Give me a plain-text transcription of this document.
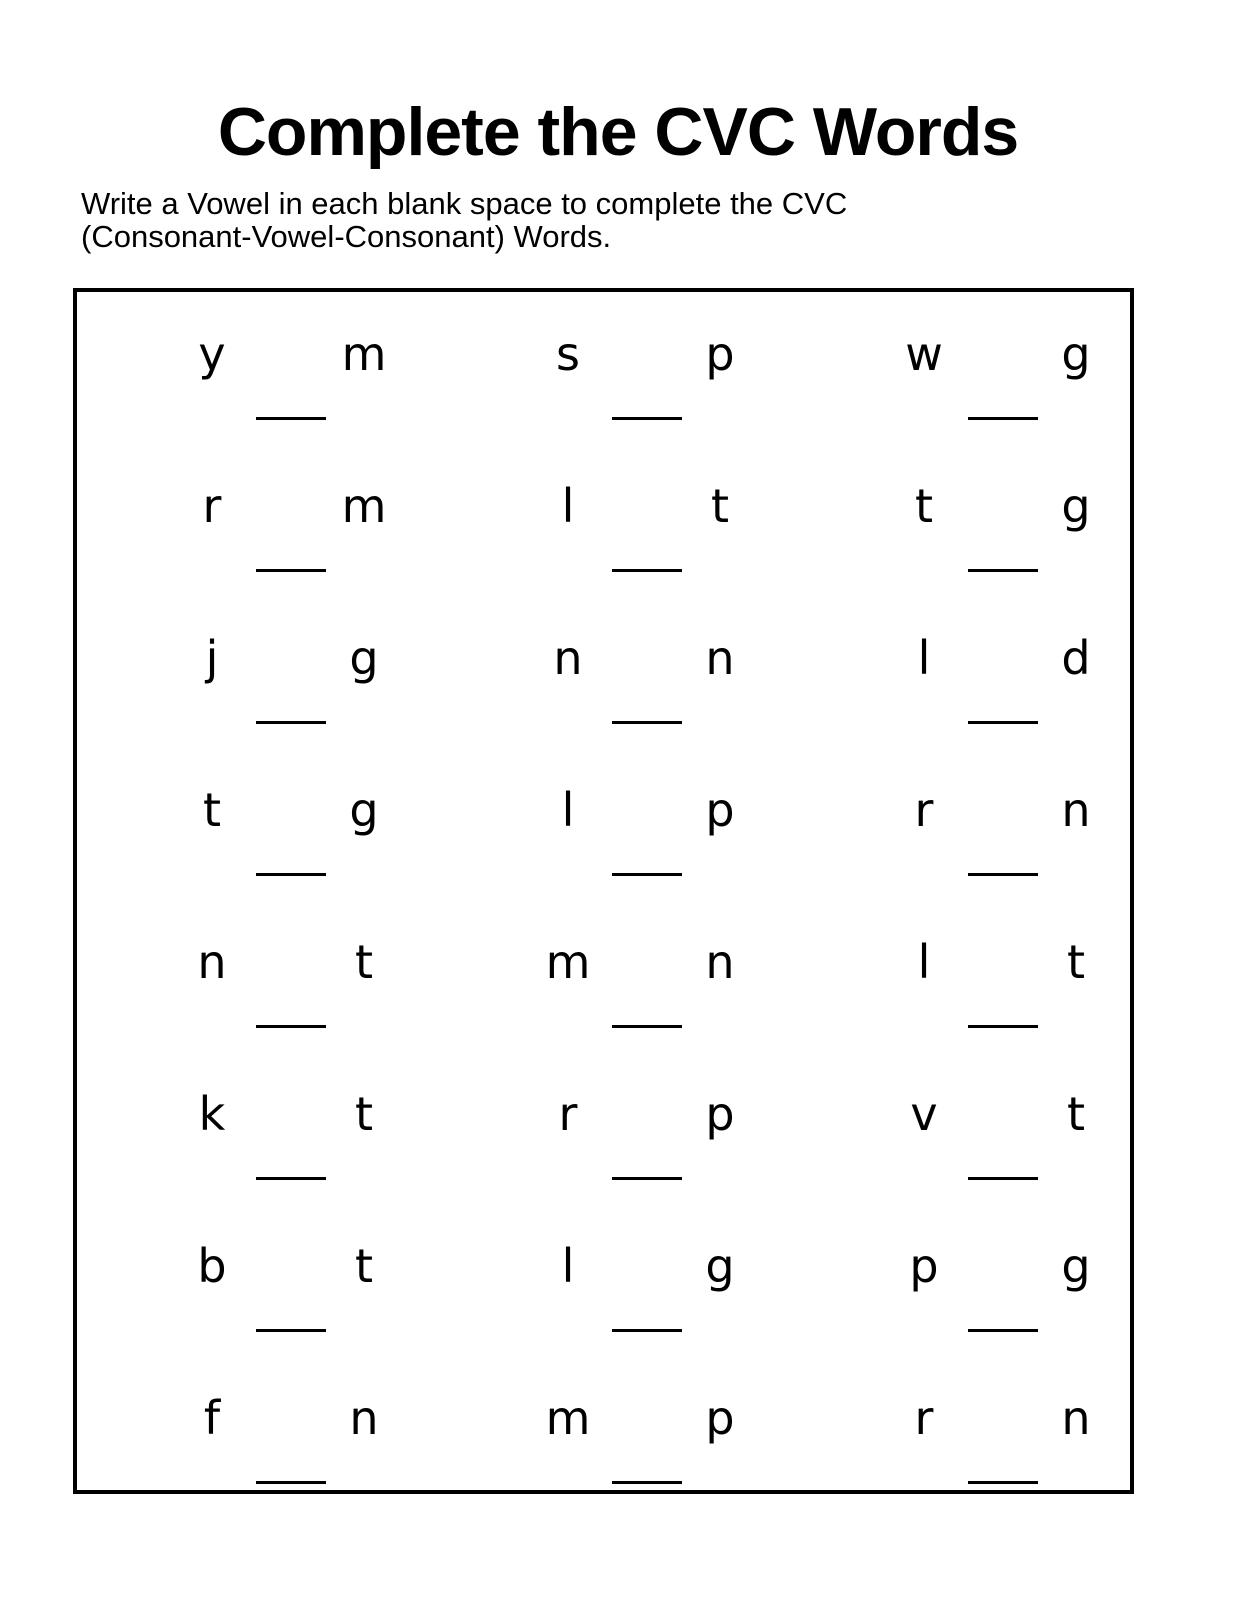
Complete the CVC Words

Write a Vowel in each blank space to complete the CVC (Consonant-Vowel-Consonant) Words.

y	m	s	p	w	g
r	m	l	t	t	g
j	g	n	n	l	d
t	g	l	p	r	n
n	t	m	n	l	t
k	t	r	p	v	t
b	t	l	g	p	g
f	n	m	p	r	n
